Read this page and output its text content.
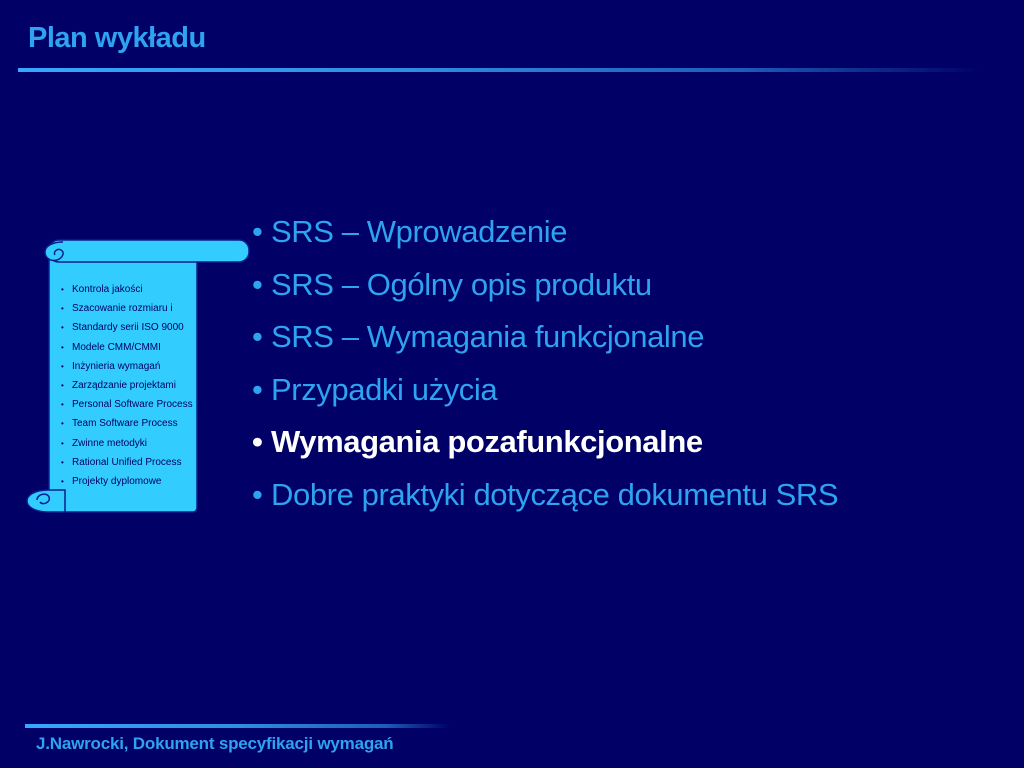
Plan wykładu
• Kontrola jakości
• Szacowanie rozmiaru i
• Standardy serii ISO 9000
• Modele CMM/CMMI
• Inżynieria wymagań
• Zarządzanie projektami
• Personal Software Process
• Team Software Process
• Zwinne metodyki
• Rational Unified Process
• Projekty dyplomowe
• SRS – Wprowadzenie
• SRS – Ogólny opis produktu
• SRS – Wymagania funkcjonalne
• Przypadki użycia
• Wymagania pozafunkcjonalne
• Dobre praktyki dotyczące dokumentu SRS
J.Nawrocki, Dokument specyfikacji wymagań
